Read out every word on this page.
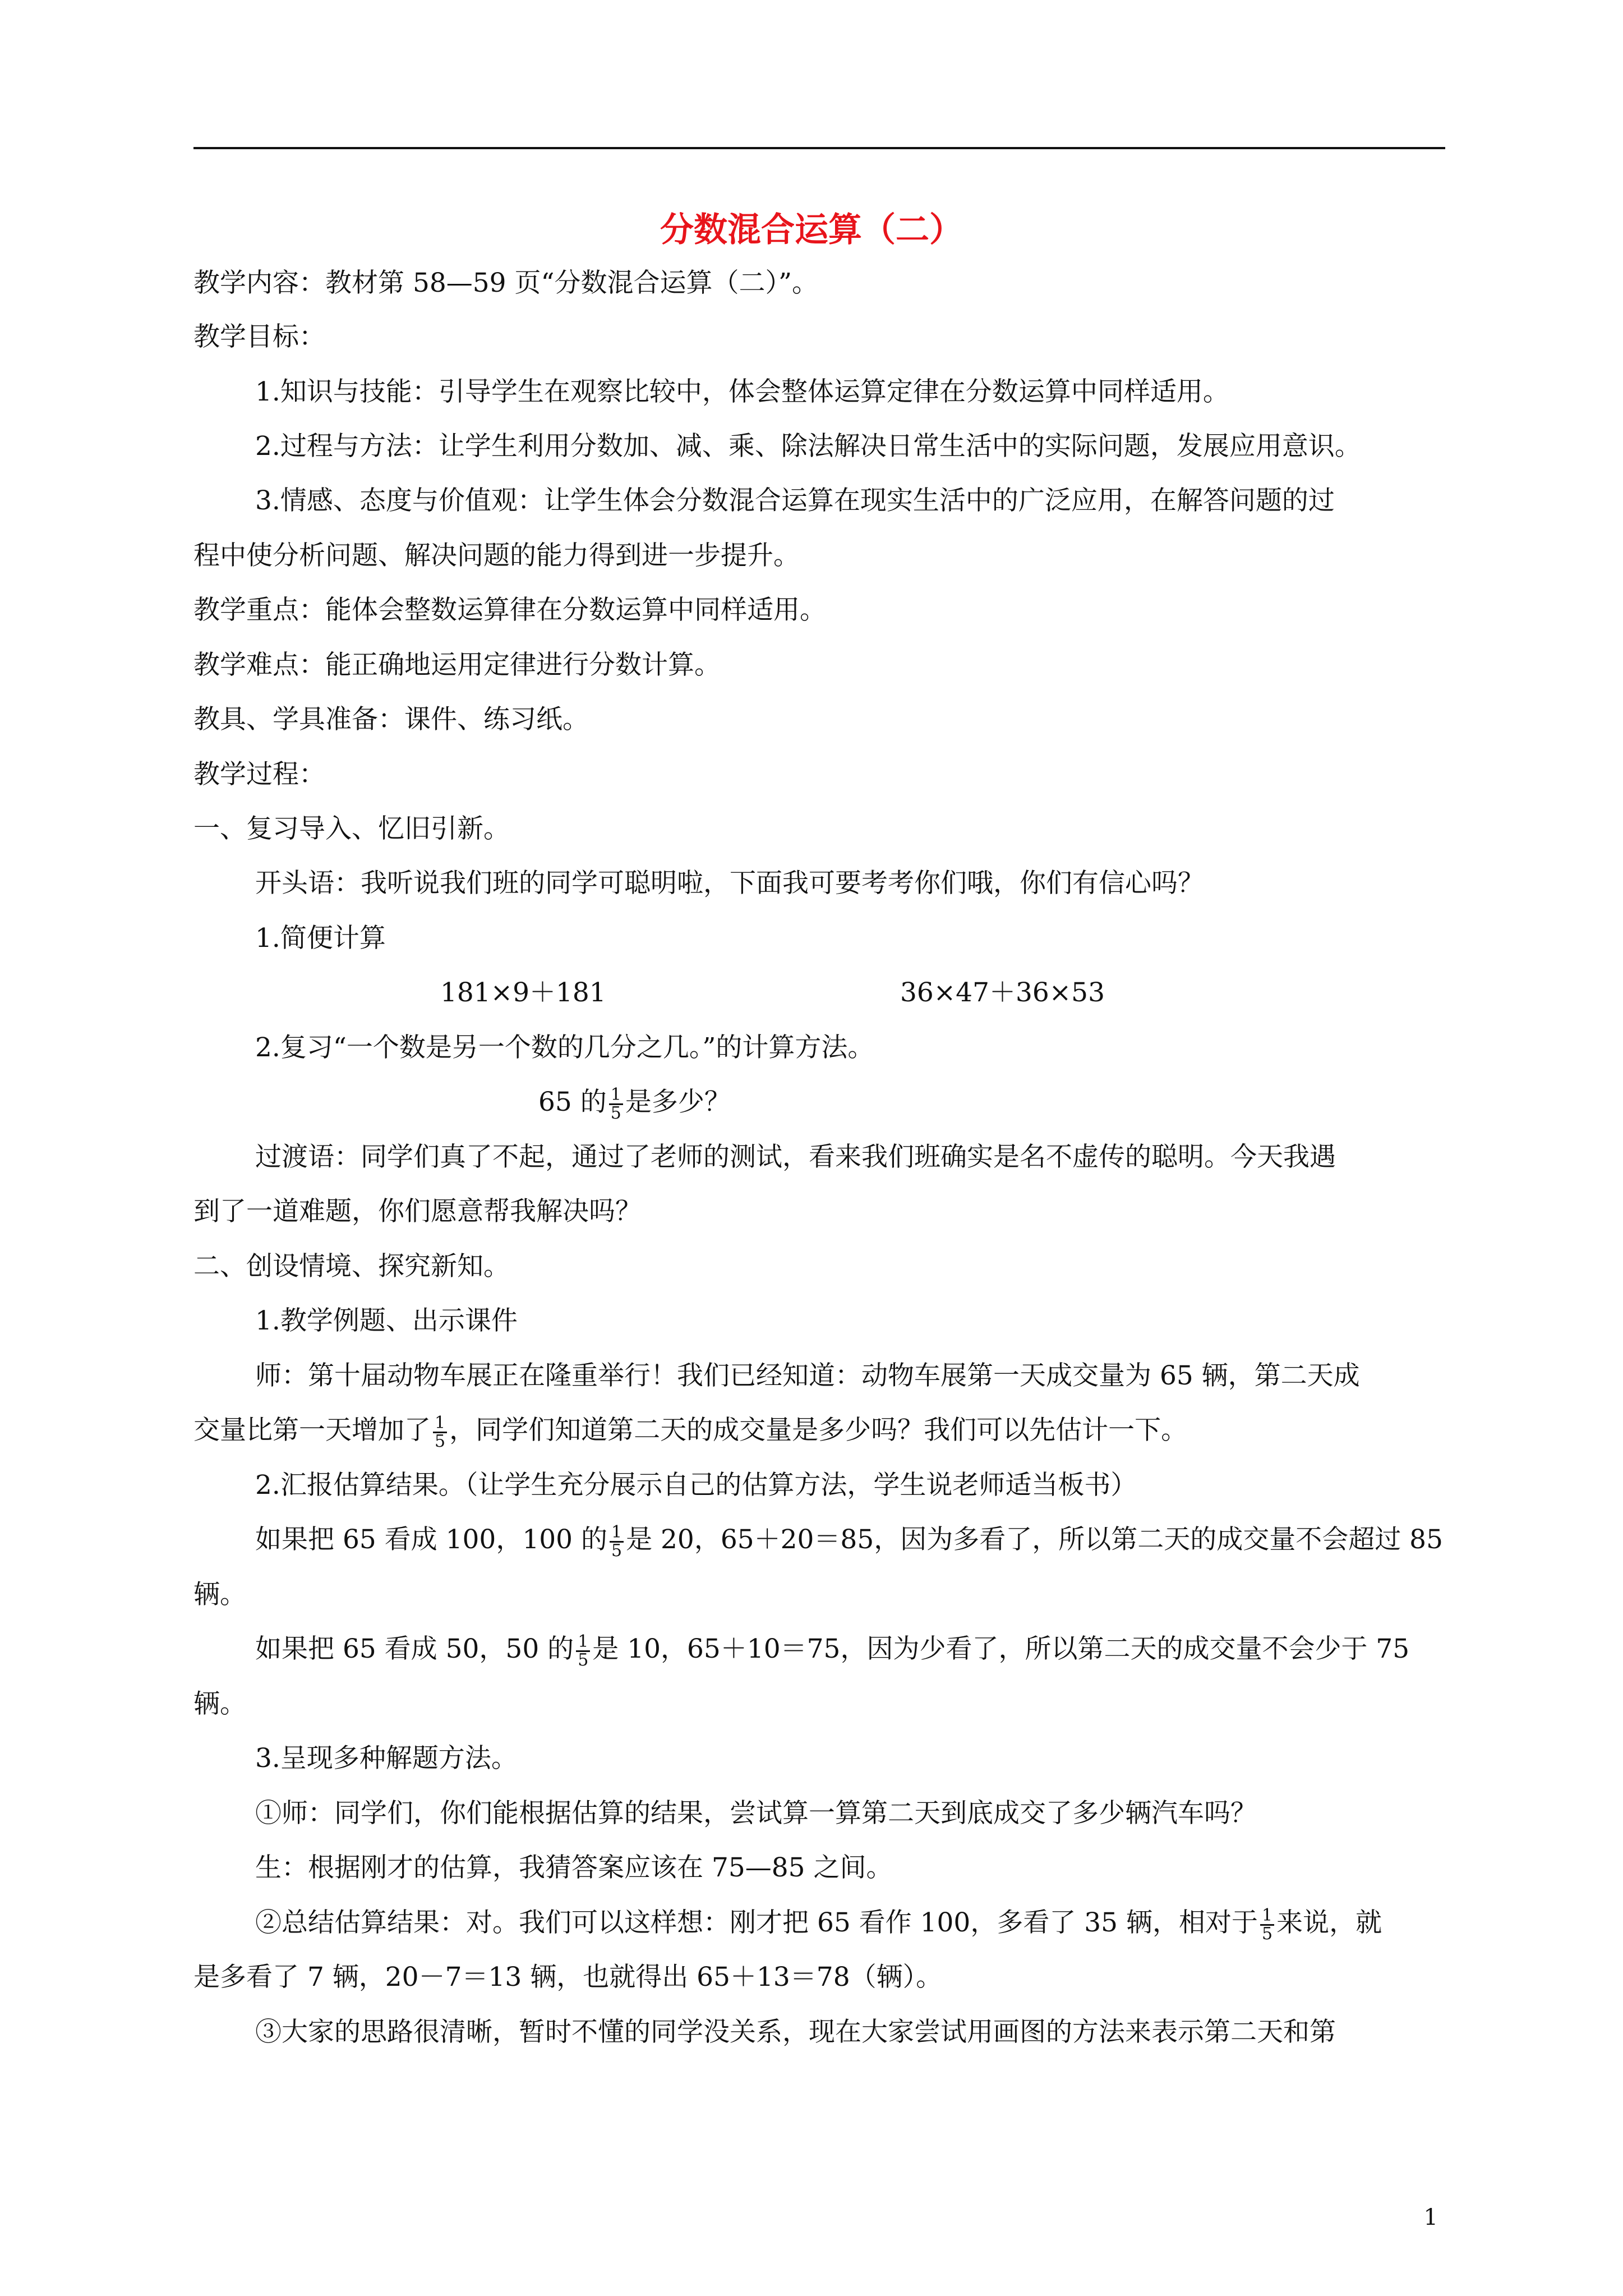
分数混合运算（二）
教学内容：教材第 58—59 页“分数混合运算（二）”。
教学目标：
1.知识与技能：引导学生在观察比较中，体会整体运算定律在分数运算中同样适用。
2.过程与方法：让学生利用分数加、减、乘、除法解决日常生活中的实际问题，发展应用意识。
3.情感、态度与价值观：让学生体会分数混合运算在现实生活中的广泛应用，在解答问题的过
程中使分析问题、解决问题的能力得到进一步提升。
教学重点：能体会整数运算律在分数运算中同样适用。
教学难点：能正确地运用定律进行分数计算。
教具、学具准备：课件、练习纸。
教学过程：
一、复习导入、忆旧引新。
开头语：我听说我们班的同学可聪明啦，下面我可要考考你们哦，你们有信心吗？
1.简便计算
181×9＋181	36×47＋36×53
2.复习“一个数是另一个数的几分之几。”的计算方法。
65 的 $\frac{1}{5}$ 是多少？
过渡语：同学们真了不起，通过了老师的测试，看来我们班确实是名不虚传的聪明。今天我遇
到了一道难题，你们愿意帮我解决吗？
二、创设情境、探究新知。
1.教学例题、出示课件
师：第十届动物车展正在隆重举行！我们已经知道：动物车展第一天成交量为 65 辆，第二天成
交量比第一天增加了 $\frac{1}{5}$ ，同学们知道第二天的成交量是多少吗？我们可以先估计一下。
2.汇报估算结果。（让学生充分展示自己的估算方法，学生说老师适当板书）
如果把 65 看成 100，100 的 $\frac{1}{5}$ 是 20，65＋20＝85，因为多看了，所以第二天的成交量不会超过 85
辆。
如果把 65 看成 50，50 的 $\frac{1}{5}$ 是 10，65＋10＝75，因为少看了，所以第二天的成交量不会少于 75
辆。
3.呈现多种解题方法。
①师：同学们，你们能根据估算的结果，尝试算一算第二天到底成交了多少辆汽车吗？
生：根据刚才的估算，我猜答案应该在 75—85 之间。
②总结估算结果：对。我们可以这样想：刚才把 65 看作 100，多看了 35 辆，相对于 $\frac{1}{5}$ 来说，就
是多看了 7 辆，20－7＝13 辆，也就得出 65＋13＝78（辆）。
③大家的思路很清晰，暂时不懂的同学没关系，现在大家尝试用画图的方法来表示第二天和第
1
